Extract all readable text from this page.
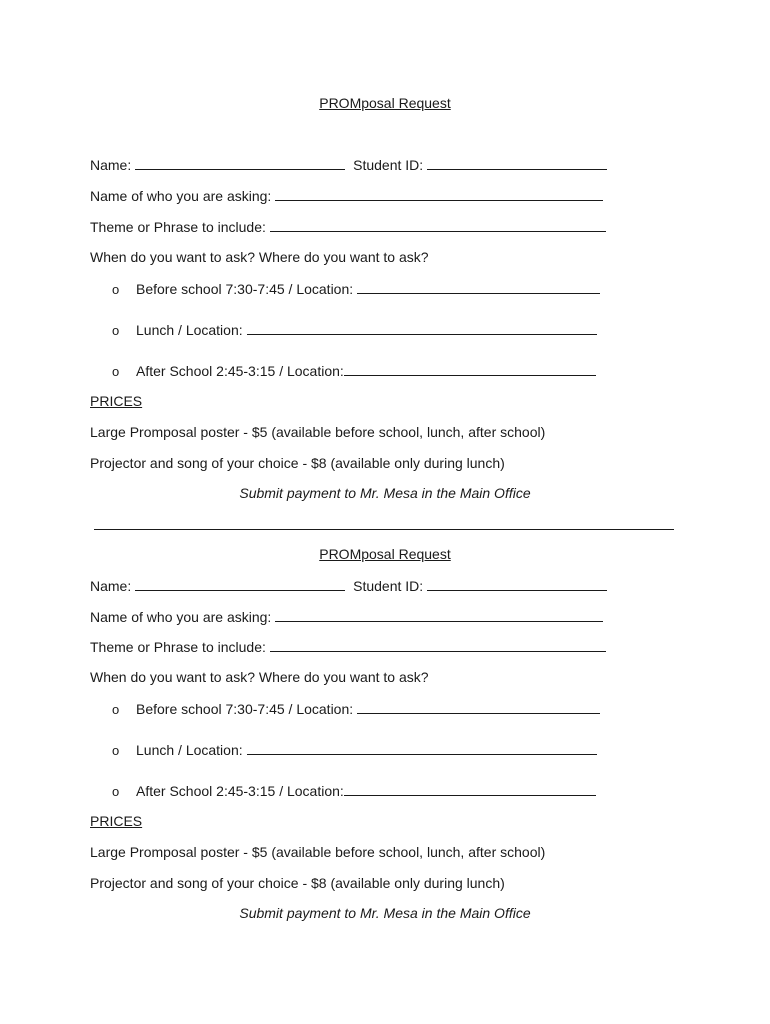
PROMposal Request
Name:	Student ID:
Name of who you are asking:
Theme or Phrase to include:
When do you want to ask? Where do you want to ask?
o Before school 7:30-7:45 / Location:
o Lunch / Location:
o After School 2:45-3:15 / Location:
PRICES
Large Promposal poster - $5 (available before school, lunch, after school)
Projector and song of your choice - $8 (available only during lunch)
Submit payment to Mr. Mesa in the Main Office
PROMposal Request
Name:	Student ID:
Name of who you are asking:
Theme or Phrase to include:
When do you want to ask? Where do you want to ask?
o Before school 7:30-7:45 / Location:
o Lunch / Location:
o After School 2:45-3:15 / Location:
PRICES
Large Promposal poster - $5 (available before school, lunch, after school)
Projector and song of your choice - $8 (available only during lunch)
Submit payment to Mr. Mesa in the Main Office
